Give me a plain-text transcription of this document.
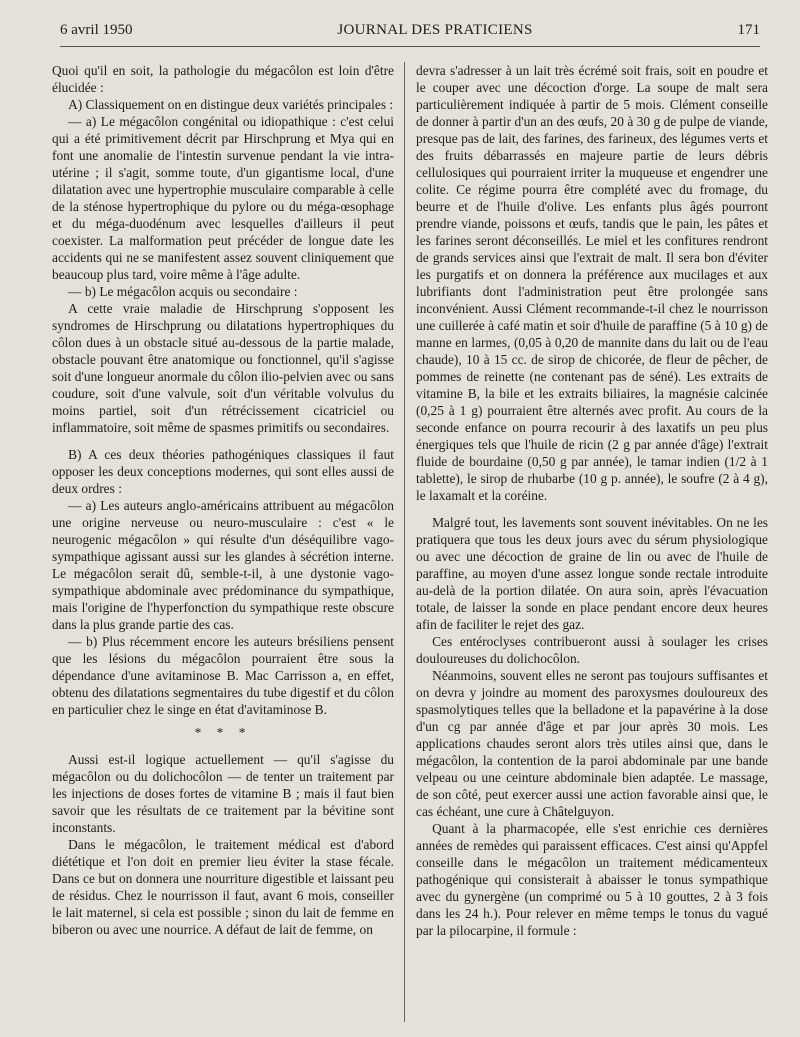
6 avril 1950	JOURNAL DES PRATICIENS	171

Quoi qu'il en soit, la pathologie du mégacôlon est loin d'être élucidée :

A) Classiquement on en distingue deux variétés principales :

— a) Le mégacôlon congénital ou idiopathique : c'est celui qui a été primitivement décrit par Hirschprung et Mya qui en font une anomalie de l'intestin survenue pendant la vie intra-utérine ; il s'agit, somme toute, d'un gigantisme local, d'une dilatation avec une hypertrophie musculaire comparable à celle de la sténose hypertrophique du pylore ou du méga-œsophage et du méga-duodénum avec lesquelles d'ailleurs il peut coexister. La malformation peut précéder de longue date les accidents qui ne se manifestent assez souvent cliniquement que beaucoup plus tard, voire même à l'âge adulte.

— b) Le mégacôlon acquis ou secondaire :

A cette vraie maladie de Hirschprung s'opposent les syndromes de Hirschprung ou dilatations hypertrophiques du côlon dues à un obstacle situé au-dessous de la partie malade, obstacle pouvant être anatomique ou fonctionnel, qu'il s'agisse soit d'une longueur anormale du côlon ilio-pelvien avec ou sans coudure, soit d'une valvule, soit d'un véritable volvulus du moins partiel, soit d'un rétrécissement cicatriciel ou inflammatoire, soit même de spasmes primitifs ou secondaires.

B) A ces deux théories pathogéniques classiques il faut opposer les deux conceptions modernes, qui sont elles aussi de deux ordres :

— a) Les auteurs anglo-américains attribuent au mégacôlon une origine nerveuse ou neuro-musculaire : c'est « le neurogenic mégacôlon » qui résulte d'un déséquilibre vago-sympathique agissant aussi sur les glandes à sécrétion interne. Le mégacôlon serait dû, semble-t-il, à une dystonie vago-sympathique abdominale avec prédominance du sympathique, mais l'origine de l'hyperfonction du sympathique reste obscure dans la plus grande partie des cas.

— b) Plus récemment encore les auteurs brésiliens pensent que les lésions du mégacôlon pourraient être sous la dépendance d'une avitaminose B. Mac Carrisson a, en effet, obtenu des dilatations segmentaires du tube digestif et du côlon en particulier chez le singe en état d'avitaminose B.

* * *

Aussi est-il logique actuellement — qu'il s'agisse du mégacôlon ou du dolichocôlon — de tenter un traitement par les injections de doses fortes de vitamine B ; mais il faut bien savoir que les résultats de ce traitement par la bévitine sont inconstants.

Dans le mégacôlon, le traitement médical est d'abord diététique et l'on doit en premier lieu éviter la stase fécale. Dans ce but on donnera une nourriture digestible et laissant peu de résidus. Chez le nourrisson il faut, avant 6 mois, conseiller le lait maternel, si cela est possible ; sinon du lait de femme en biberon ou avec une nourrice. A défaut de lait de femme, on

devra s'adresser à un lait très écrémé soit frais, soit en poudre et le couper avec une décoction d'orge. La soupe de malt sera particulièrement indiquée à partir de 5 mois. Clément conseille de donner à partir d'un an des œufs, 20 à 30 g de pulpe de viande, presque pas de lait, des farines, des farineux, des légumes verts et des fruits débarrassés en majeure partie de leurs débris cellulosiques qui pourraient irriter la muqueuse et engendrer une colite. Ce régime pourra être complété avec du fromage, du beurre et de l'huile d'olive. Les enfants plus âgés pourront prendre viande, poissons et œufs, tandis que le pain, les pâtes et les farines seront déconseillés. Le miel et les confitures rendront de grands services ainsi que l'extrait de malt. Il sera bon d'éviter les purgatifs et on donnera la préférence aux mucilages et aux lubrifiants dont l'administration peut être prolongée sans inconvénient. Aussi Clément recommande-t-il chez le nourrisson une cuillerée à café matin et soir d'huile de paraffine (5 à 10 g) de manne en larmes, (0,05 à 0,20 de mannite dans du lait ou de l'eau chaude), 10 à 15 cc. de sirop de chicorée, de fleur de pêcher, de pommes de reinette (ne contenant pas de séné). Les extraits de vitamine B, la bile et les extraits biliaires, la magnésie calcinée (0,25 à 1 g) pourraient être alternés avec profit. Au cours de la seconde enfance on pourra recourir à des laxatifs un peu plus énergiques tels que l'huile de ricin (2 g par année d'âge) l'extrait fluide de bourdaine (0,50 g par année), le tamar indien (1/2 à 1 tablette), le sirop de rhubarbe (10 g p. année), le soufre (2 à 4 g), le laxamalt et la coréine.

Malgré tout, les lavements sont souvent inévitables. On ne les pratiquera que tous les deux jours avec du sérum physiologique ou avec une décoction de graine de lin ou avec de l'huile de paraffine, au moyen d'une assez longue sonde rectale introduite au-delà de la portion dilatée. On aura soin, après l'évacuation totale, de laisser la sonde en place pendant encore deux heures afin de faciliter le rejet des gaz.

Ces entéroclyses contribueront aussi à soulager les crises douloureuses du dolichocôlon.

Néanmoins, souvent elles ne seront pas toujours suffisantes et on devra y joindre au moment des paroxysmes douloureux des spasmolytiques telles que la belladone et la papavérine à la dose d'un cg par année d'âge et par jour après 30 mois. Les applications chaudes seront alors très utiles ainsi que, dans le mégacôlon, la contention de la paroi abdominale par une bande velpeau ou une ceinture abdominale bien adaptée. Le massage, de son côté, peut exercer aussi une action favorable ainsi que, le cas échéant, une cure à Châtelguyon.

Quant à la pharmacopée, elle s'est enrichie ces dernières années de remèdes qui paraissent efficaces. C'est ainsi qu'Appfel conseille dans le mégacôlon un traitement médicamenteux pathogénique qui consisterait à abaisser le tonus sympathique avec du gynergène (un comprimé ou 5 à 10 gouttes, 2 à 3 fois dans les 24 h.). Pour relever en même temps le tonus du vagué par la pilocarpine, il formule :
